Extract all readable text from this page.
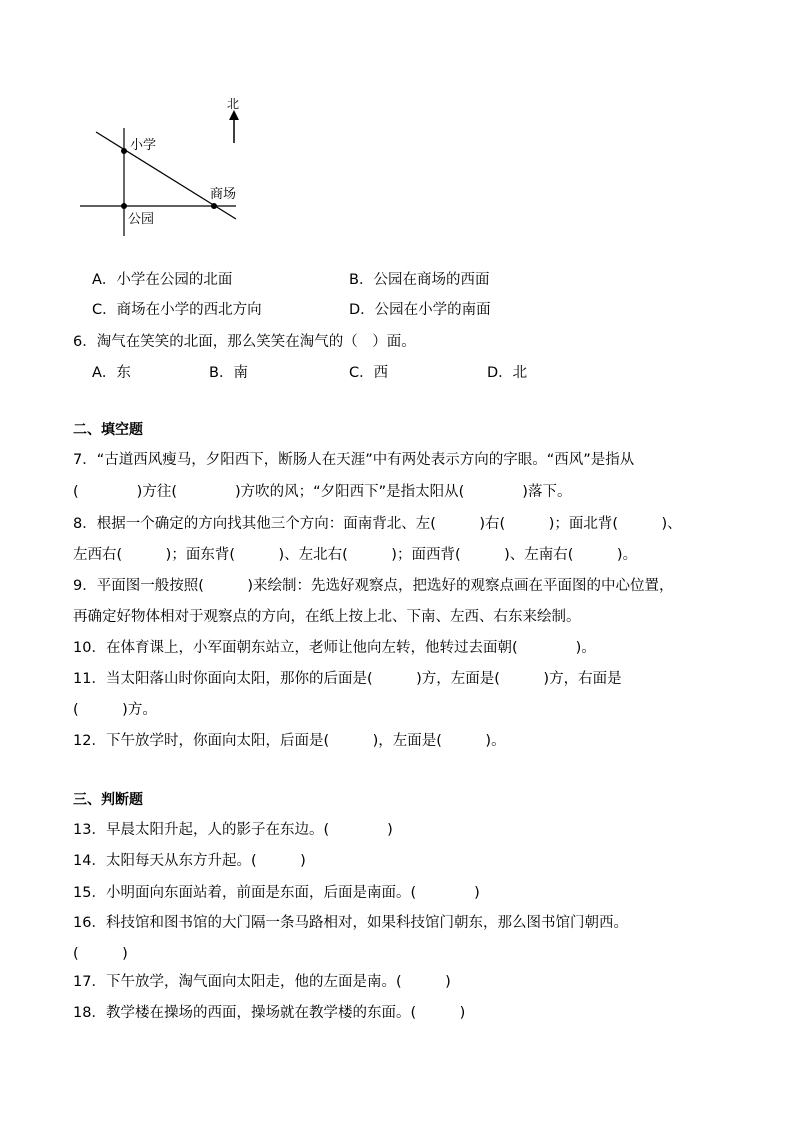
北
小学
商场
公园
A．小学在公园的北面	B．公园在商场的西面
C．商场在小学的西北方向	D．公园在小学的南面
6．淘气在笑笑的北面，那么笑笑在淘气的（　）面。
A．东	B．南	C．西	D．北
二、填空题
7．“古道西风瘦马，夕阳西下，断肠人在天涯”中有两处表示方向的字眼。“西风”是指从
(　　　　)方往(　　　　)方吹的风；“夕阳西下”是指太阳从(　　　　)落下。
8．根据一个确定的方向找其他三个方向：面南背北、左(　　　)右(　　　)；面北背(　　　)、
左西右(　　　)；面东背(　　　)、左北右(　　　)；面西背(　　　)、左南右(　　　)。
9．平面图一般按照(　　　)来绘制：先选好观察点，把选好的观察点画在平面图的中心位置，
再确定好物体相对于观察点的方向，在纸上按上北、下南、左西、右东来绘制。
10．在体育课上，小军面朝东站立，老师让他向左转，他转过去面朝(　　　　)。
11．当太阳落山时你面向太阳，那你的后面是(　　　)方，左面是(　　　)方，右面是
(　　　)方。
12．下午放学时，你面向太阳，后面是(　　　)，左面是(　　　)。
三、判断题
13．早晨太阳升起，人的影子在东边。(　　　　)
14．太阳每天从东方升起。(　　　)
15．小明面向东面站着，前面是东面，后面是南面。(　　　　)
16．科技馆和图书馆的大门隔一条马路相对，如果科技馆门朝东，那么图书馆门朝西。
(　　　)
17．下午放学，淘气面向太阳走，他的左面是南。(　　　)
18．教学楼在操场的西面，操场就在教学楼的东面。(　　　)
